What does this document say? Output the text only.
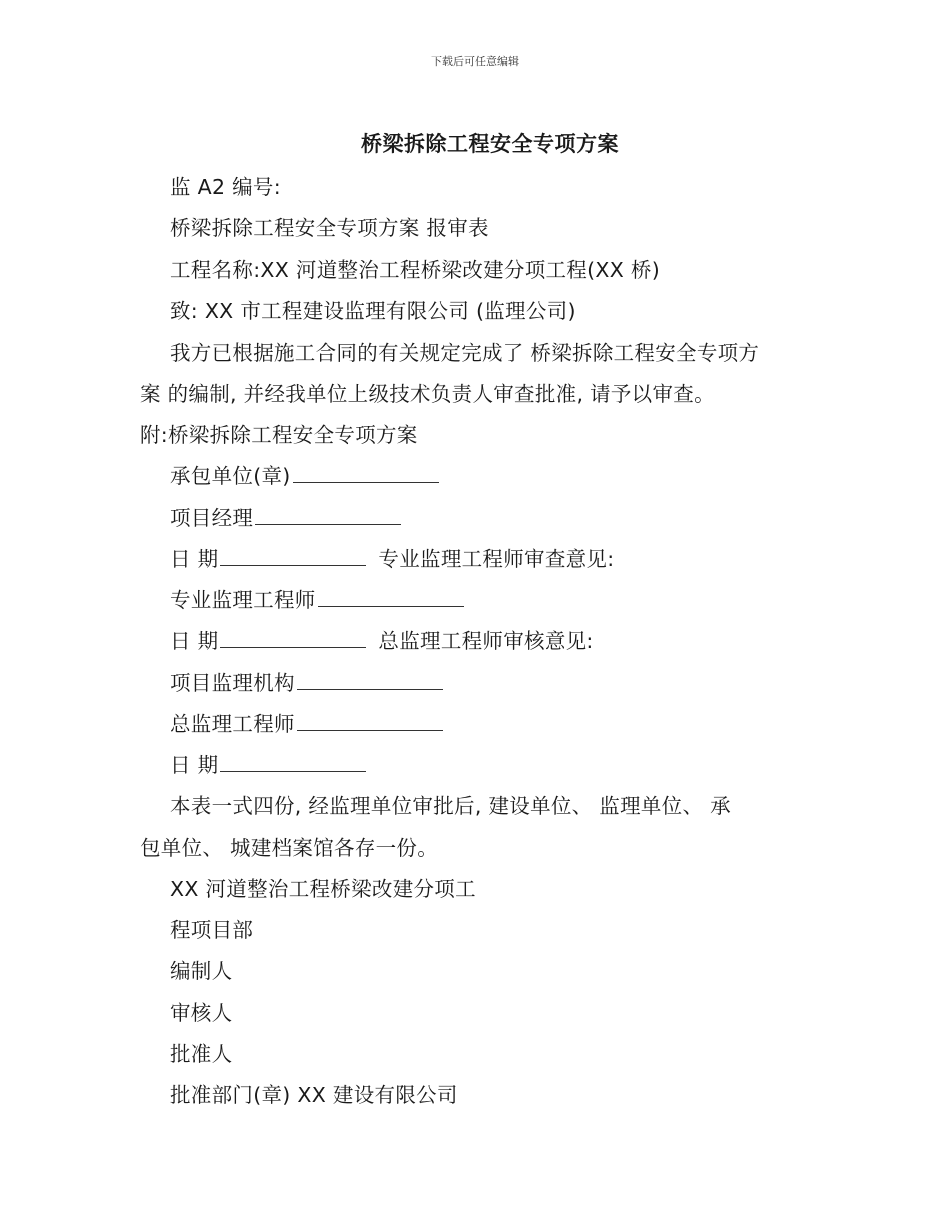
下载后可任意编辑
桥梁拆除工程安全专项方案
监 A2 编号:
桥梁拆除工程安全专项方案 报审表
工程名称:XX 河道整治工程桥梁改建分项工程(XX 桥)
致: XX 市工程建设监理有限公司 (监理公司)
我方已根据施工合同的有关规定完成了 桥梁拆除工程安全专项方
案 的编制, 并经我单位上级技术负责人审查批准, 请予以审查。
附:桥梁拆除工程安全专项方案
承包单位(章)
项目经理
日 期	专业监理工程师审查意见:
专业监理工程师
日 期	总监理工程师审核意见:
项目监理机构
总监理工程师
日 期
本表一式四份, 经监理单位审批后, 建设单位、 监理单位、 承
包单位、 城建档案馆各存一份。
XX 河道整治工程桥梁改建分项工
程项目部
编制人
审核人
批准人
批准部门(章) XX 建设有限公司
